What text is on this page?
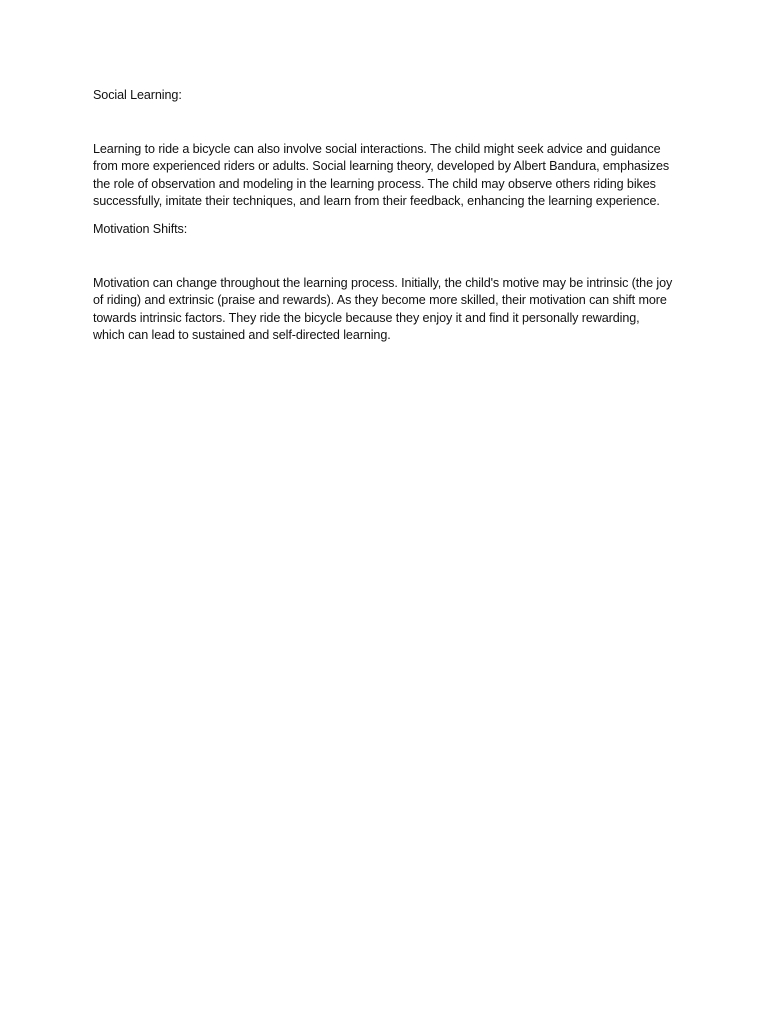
Social Learning:

Learning to ride a bicycle can also involve social interactions. The child might seek advice and guidance from more experienced riders or adults. Social learning theory, developed by Albert Bandura, emphasizes the role of observation and modeling in the learning process. The child may observe others riding bikes successfully, imitate their techniques, and learn from their feedback, enhancing the learning experience.

Motivation Shifts:

Motivation can change throughout the learning process. Initially, the child's motive may be intrinsic (the joy of riding) and extrinsic (praise and rewards). As they become more skilled, their motivation can shift more towards intrinsic factors. They ride the bicycle because they enjoy it and find it personally rewarding, which can lead to sustained and self-directed learning.
